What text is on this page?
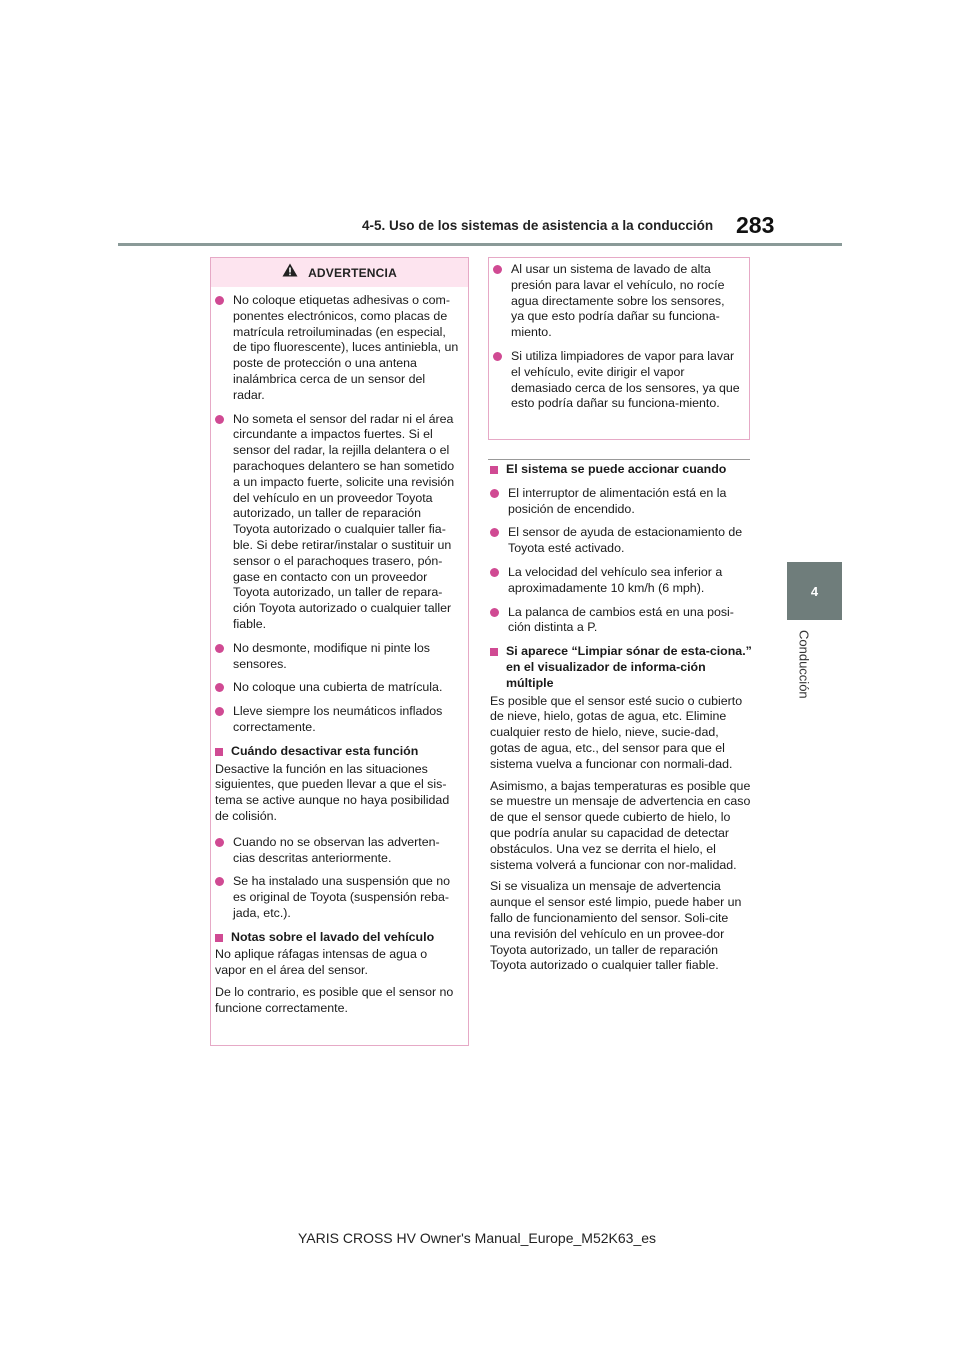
4-5. Uso de los sistemas de asistencia a la conducción 283
4
Conducción
ADVERTENCIA
No coloque etiquetas adhesivas o com-ponentes electrónicos, como placas de matrícula retroiluminadas (en especial, de tipo fluorescente), luces antiniebla, un poste de protección o una antena inalámbrica cerca de un sensor del radar.
No someta el sensor del radar ni el área circundante a impactos fuertes. Si el sensor del radar, la rejilla delantera o el parachoques delantero se han sometido a un impacto fuerte, solicite una revisión del vehículo en un proveedor Toyota autorizado, un taller de reparación Toyota autorizado o cualquier taller fia-ble. Si debe retirar/instalar o sustituir un sensor o el parachoques trasero, pón-gase en contacto con un proveedor Toyota autorizado, un taller de repara-ción Toyota autorizado o cualquier taller fiable.
No desmonte, modifique ni pinte los sensores.
No coloque una cubierta de matrícula.
Lleve siempre los neumáticos inflados correctamente.
Cuándo desactivar esta función
Desactive la función en las situaciones siguientes, que pueden llevar a que el sis-tema se active aunque no haya posibilidad de colisión.
Cuando no se observan las adverten-cias descritas anteriormente.
Se ha instalado una suspensión que no es original de Toyota (suspensión reba-jada, etc.).
Notas sobre el lavado del vehículo
No aplique ráfagas intensas de agua o vapor en el área del sensor.
De lo contrario, es posible que el sensor no funcione correctamente.
Al usar un sistema de lavado de alta presión para lavar el vehículo, no rocíe agua directamente sobre los sensores, ya que esto podría dañar su funciona-miento.
Si utiliza limpiadores de vapor para lavar el vehículo, evite dirigir el vapor demasiado cerca de los sensores, ya que esto podría dañar su funciona-miento.
El sistema se puede accionar cuando
El interruptor de alimentación está en la posición de encendido.
El sensor de ayuda de estacionamiento de Toyota esté activado.
La velocidad del vehículo sea inferior a aproximadamente 10 km/h (6 mph).
La palanca de cambios está en una posi-ción distinta a P.
Si aparece “Limpiar sónar de esta-ciona.” en el visualizador de informa-ción múltiple
Es posible que el sensor esté sucio o cubierto de nieve, hielo, gotas de agua, etc. Elimine cualquier resto de hielo, nieve, sucie-dad, gotas de agua, etc., del sensor para que el sistema vuelva a funcionar con normali-dad.
Asimismo, a bajas temperaturas es posible que se muestre un mensaje de advertencia en caso de que el sensor quede cubierto de hielo, lo que podría anular su capacidad de detectar obstáculos. Una vez se derrita el hielo, el sistema volverá a funcionar con nor-malidad.
Si se visualiza un mensaje de advertencia aunque el sensor esté limpio, puede haber un fallo de funcionamiento del sensor. Soli-cite una revisión del vehículo en un provee-dor Toyota autorizado, un taller de reparación Toyota autorizado o cualquier taller fiable.
YARIS CROSS HV Owner's Manual_Europe_M52K63_es
